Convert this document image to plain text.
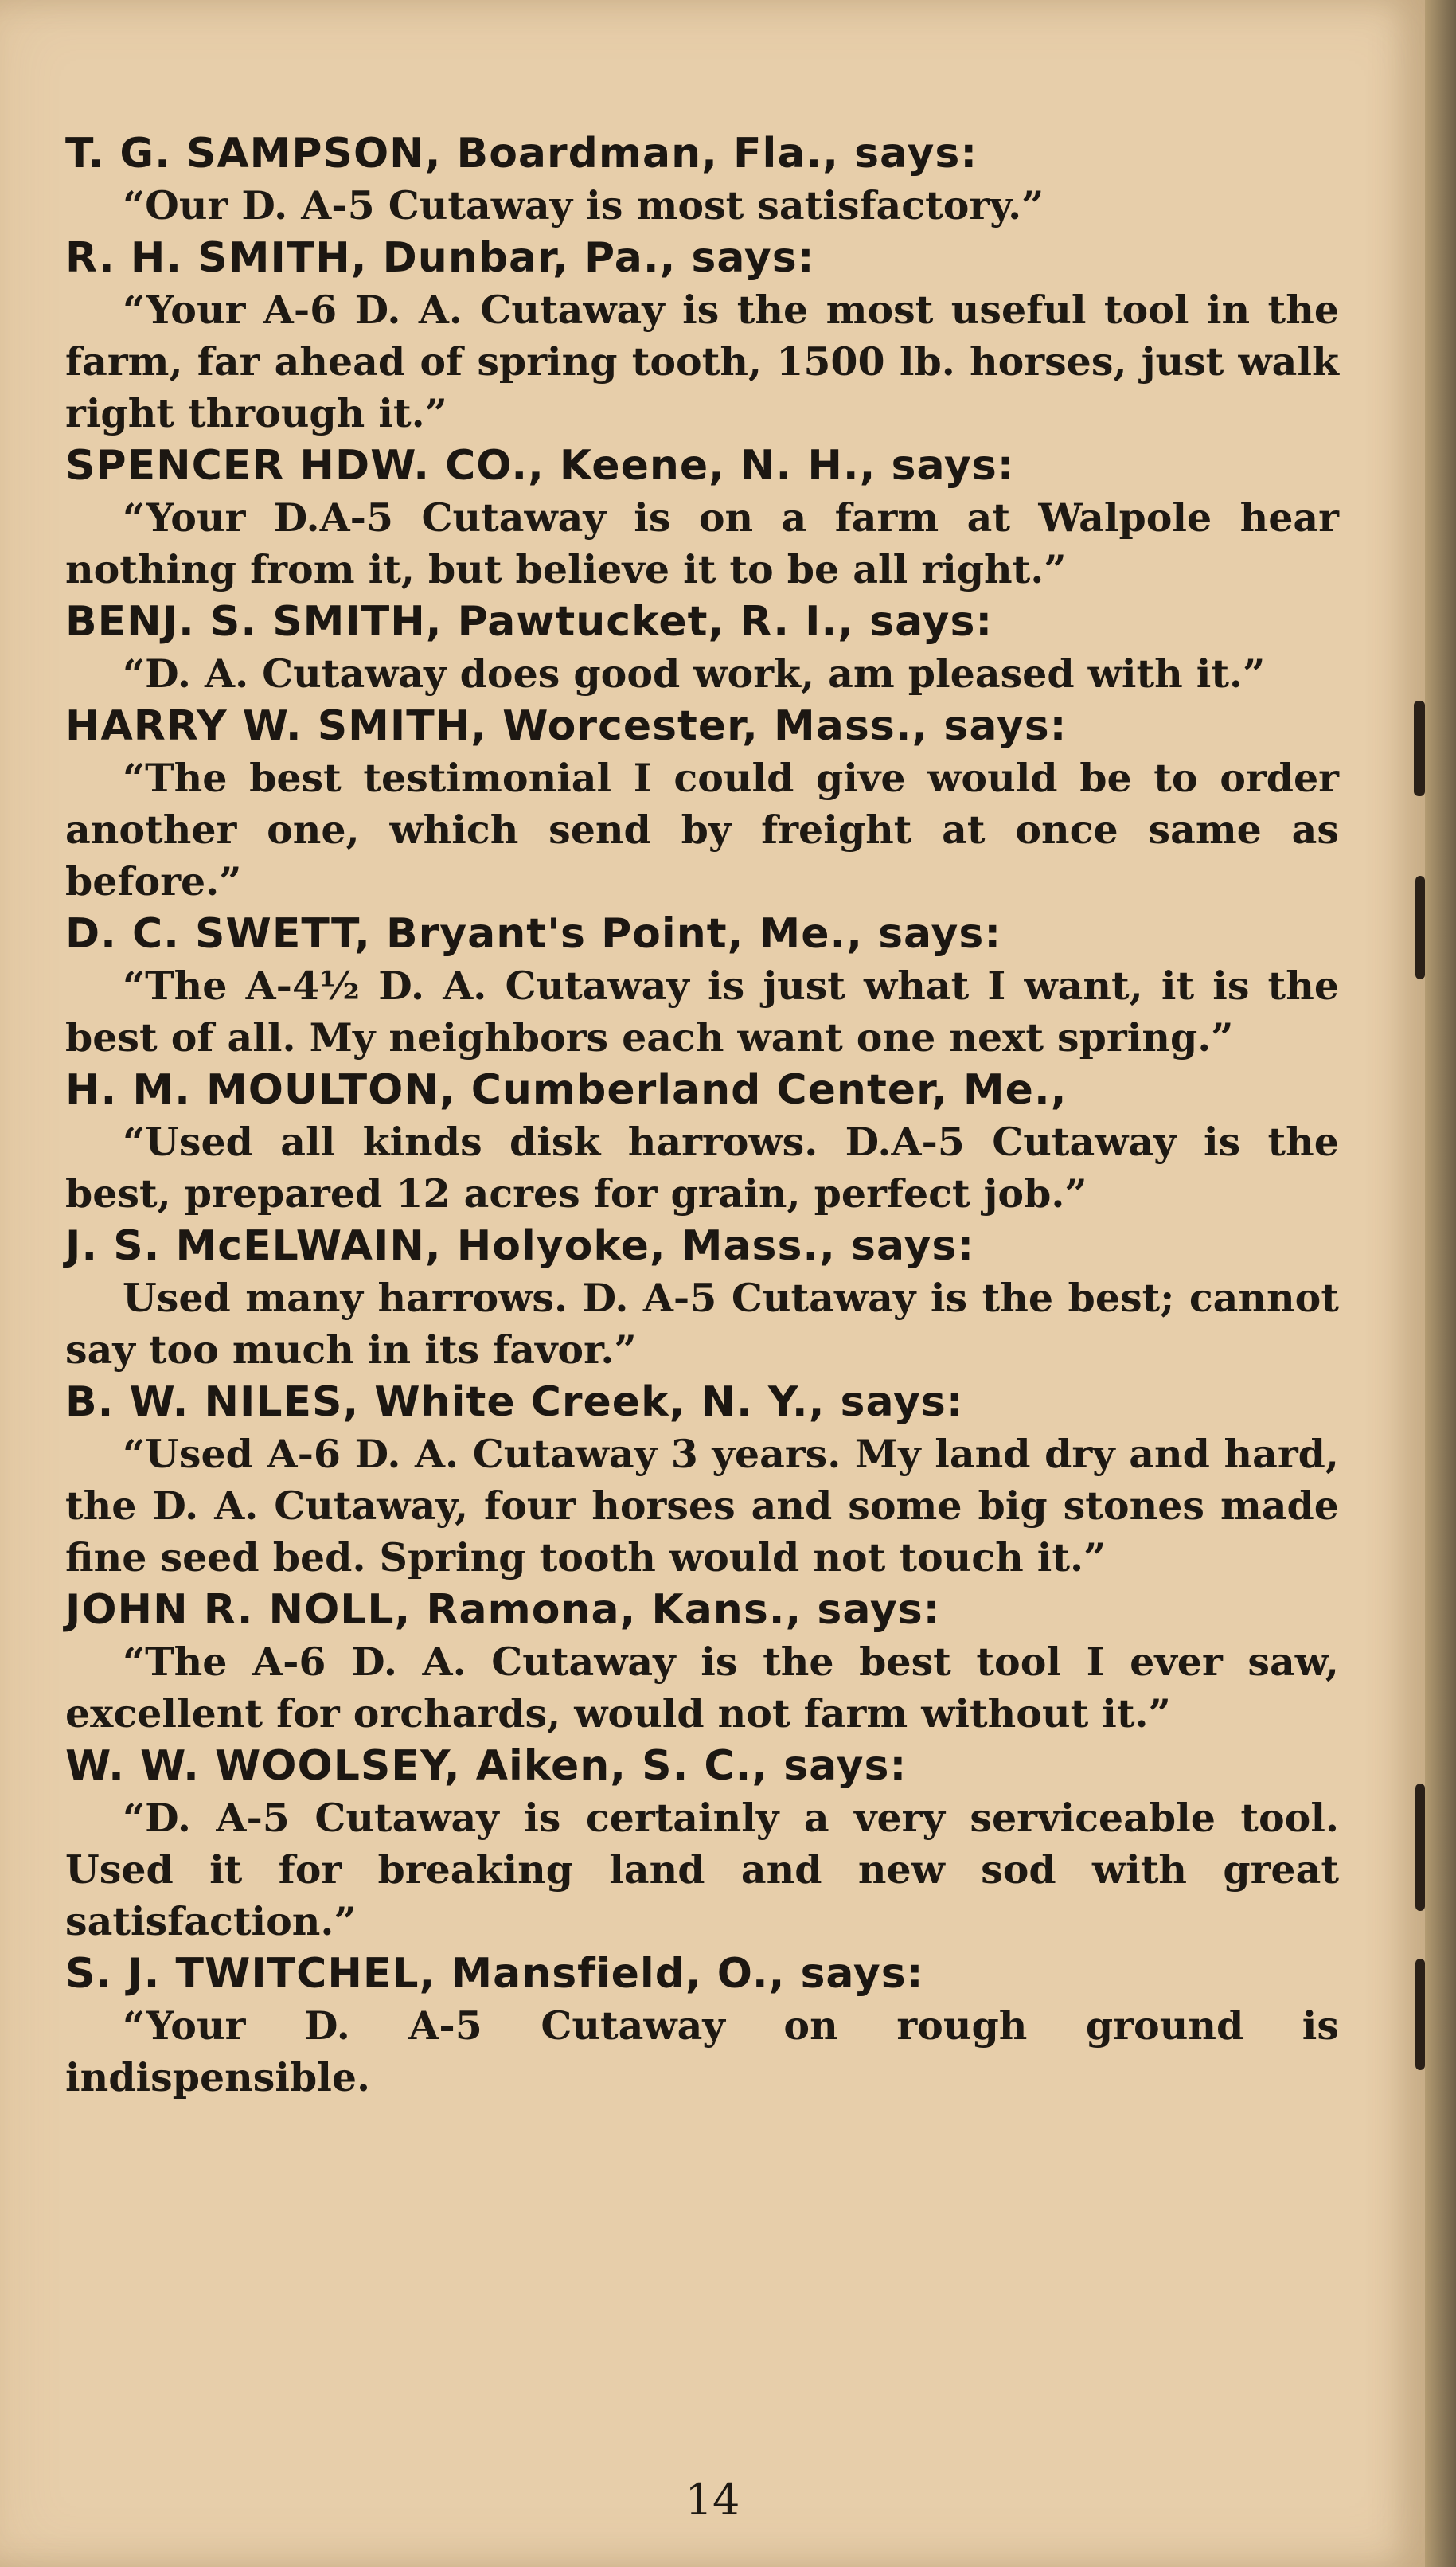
T. G. SAMPSON, Boardman, Fla., says:
“Our D. A-5 Cutaway is most satisfactory.”
R. H. SMITH, Dunbar, Pa., says:
“Your A-6 D. A. Cutaway is the most useful tool in the farm, far ahead of spring tooth, 1500 lb. horses, just walk right through it.”
SPENCER HDW. CO., Keene, N. H., says:
“Your D.A-5 Cutaway is on a farm at Walpole hear nothing from it, but believe it to be all right.”
BENJ. S. SMITH, Pawtucket, R. I., says:
“D. A. Cutaway does good work, am pleased with it.”
HARRY W. SMITH, Worcester, Mass., says:
“The best testimonial I could give would be to order another one, which send by freight at once same as before.”
D. C. SWETT, Bryant's Point, Me., says:
“The A-4½ D. A. Cutaway is just what I want, it is the best of all. My neighbors each want one next spring.”
H. M. MOULTON, Cumberland Center, Me.,
“Used all kinds disk harrows. D.A-5 Cutaway is the best, prepared 12 acres for grain, perfect job.”
J. S. McELWAIN, Holyoke, Mass., says:
Used many harrows. D. A-5 Cutaway is the best; cannot say too much in its favor.”
B. W. NILES, White Creek, N. Y., says:
“Used A-6 D. A. Cutaway 3 years. My land dry and hard, the D. A. Cutaway, four horses and some big stones made fine seed bed. Spring tooth would not touch it.”
JOHN R. NOLL, Ramona, Kans., says:
“The A-6 D. A. Cutaway is the best tool I ever saw, excellent for orchards, would not farm without it.”
W. W. WOOLSEY, Aiken, S. C., says:
“D. A-5 Cutaway is certainly a very serviceable tool. Used it for breaking land and new sod with great satisfaction.”
S. J. TWITCHEL, Mansfield, O., says:
“Your D. A-5 Cutaway on rough ground is indispensible.
14
